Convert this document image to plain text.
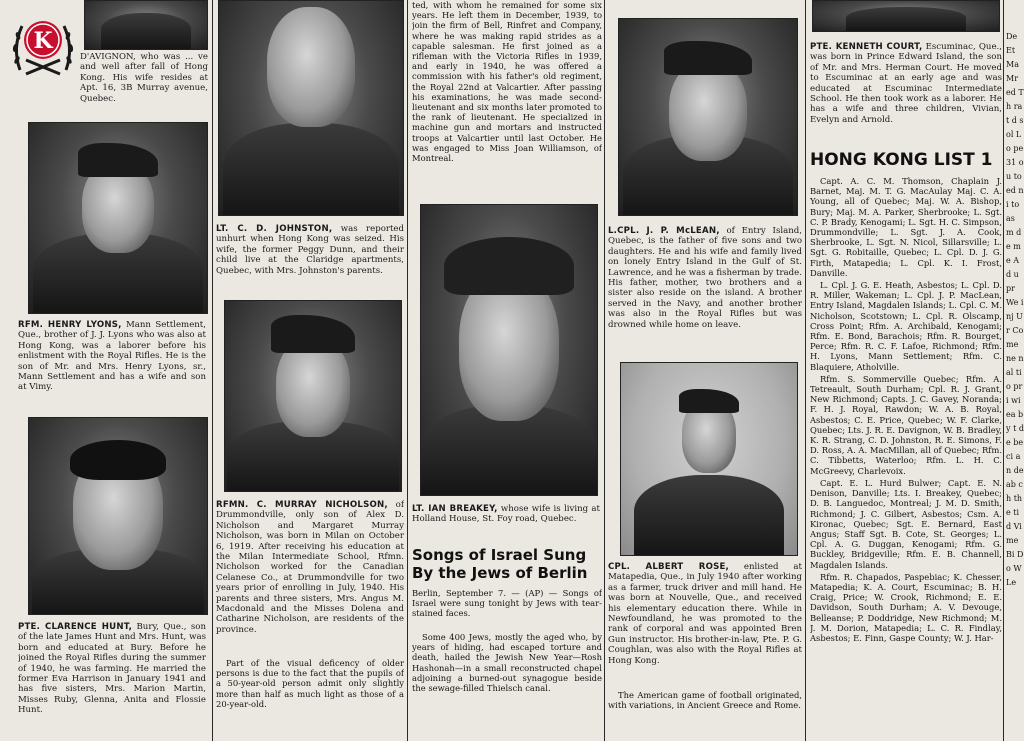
K
D'AVIGNON, who was ... ve and well after fall of Hong Kong. His wife resides at Apt. 16, 3B Murray avenue, Quebec.
RFM. HENRY LYONS, Mann Settlement, Que., brother of J. J. Lyons who was also at Hong Kong, was a laborer before his enlistment with the Royal Rifles. He is the son of Mr. and Mrs. Henry Lyons, sr., Mann Settlement and has a wife and son at Vimy.
PTE. CLARENCE HUNT, Bury, Que., son of the late James Hunt and Mrs. Hunt, was born and educated at Bury. Before he joined the Royal Rifles during the summer of 1940, he was farming. He married the former Eva Harrison in January 1941 and has five sisters, Mrs. Marion Martin, Misses Ruby, Glenna, Anita and Flossie Hunt.
LT. C. D. JOHNSTON, was reported unhurt when Hong Kong was seized. His wife, the former Peggy Dunn, and their child live at the Claridge apartments, Quebec, with Mrs. Johnston's parents.
RFMN. C. MURRAY NICHOLSON, of Drummondville, only son of Alex D. Nicholson and Margaret Murray Nicholson, was born in Milan on October 6, 1919. After receiving his education at the Milan Intermediate School, Rfmn. Nicholson worked for the Canadian Celanese Co., at Drummondville for two years prior of enrolling in July, 1940. His parents and three sisters, Mrs. Angus M. Macdonald and the Misses Dolena and Catharine Nicholson, are residents of the province.
Part of the visual deficency of older persons is due to the fact that the pupils of a 50-year-old person admit only slightly more than half as much light as those of a 20-year-old.
ted, with whom he remained for some six years. He left them in December, 1939, to join the firm of Bell, Rinfret and Company, where he was making rapid strides as a capable salesman. He first joined as a rifleman with the Victoria Rifles in 1939, and early in 1940, he was offered a commission with his father's old regiment, the Royal 22nd at Valcartier. After passing his examinations, he was made second-lieutenant and six months later promoted to the rank of lieutenant. He specialized in machine gun and mortars and instructed troops at Valcartier until last October. He was engaged to Miss Joan Williamson, of Montreal.
LT. IAN BREAKEY, whose wife is living at Holland House, St. Foy road, Quebec.
Songs of Israel Sung By the Jews of Berlin
Berlin, September 7. — (AP) — Songs of Israel were sung tonight by Jews with tear-stained faces.
Some 400 Jews, mostly the aged who, by years of hiding, had escaped torture and death, hailed the Jewish New Year—Rosh Hashonah—in a small reconstructed chapel adjoining a burned-out synagogue beside the sewage-filled Thielsch canal.
L.CPL. J. P. McLEAN, of Entry Island, Quebec, is the father of five sons and two daughters. He and his wife and family lived on lonely Entry Island in the Gulf of St. Lawrence, and he was a fisherman by trade. His father, mother, two brothers and a sister also reside on the island. A brother served in the Navy, and another brother was also in the Royal Rifles but was drowned while home on leave.
CPL. ALBERT ROSE, enlisted at Matapedia, Que., in July 1940 after working as a farmer, truck driver and mill hand. He was born at Nouvelle, Que., and received his elementary education there. While in Newfoundland, he was promoted to the rank of corporal and was appointed Bren Gun instructor. His brother-in-law, Pte. P. G. Coughlan, was also with the Royal Rifles at Hong Kong.
The American game of football originated, with variations, in Ancient Greece and Rome.
PTE. KENNETH COURT, Escuminac, Que., was born in Prince Edward Island, the son of Mr. and Mrs. Herman Court. He moved to Escuminac at an early age and was educated at Escuminac Intermediate School. He then took work as a laborer. He has a wife and three children, Vivian, Evelyn and Arnold.
HONG KONG LIST 1

Capt. A. C. M. Thomson, Chaplain J. Barnet, Maj. M. T. G. MacAulay Maj. C. A. Young, all of Quebec; Maj. W. A. Bishop, Bury; Maj. M. A. Parker, Sherbrooke; L. Sgt. C. P. Brady, Kenogami; L. Sgt. H. C. Simpson, Drummondville; L. Sgt. J. A. Cook, Sherbrooke, L. Sgt. N. Nicol, Sillarsville; L. Sgt. G. Robitaille, Quebec; L. Cpl. D. J. G. Firth, Matapedia; L. Cpl. K. I. Frost, Danville.

L. Cpl. J. G. E. Heath, Asbestos; L. Cpl. D. R. Miller, Wakeman; L. Cpl. J. P. MacLean, Entry Island, Magdalen Islands; L. Cpl. C. M. Nicholson, Scotstown; L. Cpl. R. Olscamp, Cross Point; Rfm. A. Archibald, Kenogami; Rfm. E. Bond, Barachois; Rfm. R. Bourget, Perce; Rfm. R. C. F. Lafoe, Richmond; Rfm. H. Lyons, Mann Settlement; Rfm. C. Blaquiere, Atholville.

Rfm. S. Sommerville Quebec; Rfm. A. Tetreault, South Durham; Cpl. R. J. Grant, New Richmond; Capts. J. C. Gavey, Noranda; F. H. J. Royal, Rawdon; W. A. B. Royal, Asbestos; C. E. Price, Quebec; W. F. Clarke, Quebec; Lts. J. R. E. Davignon, W. B. Bradley, K. R. Strang, C. D. Johnston, R. E. Simons, F. D. Ross, A. A. MacMillan, all of Quebec; Rfm. C. Tibbetts, Waterloo; Rfm. L. H. C. McGreevy, Charlevoix.

Capt. E. L. Hurd Bulwer; Capt. E. N. Denison, Danville; Lts. I. Breakey, Quebec; D. B. Languedoc, Montreal; J. M. D. Smith, Richmond; J. C. Gilbert, Asbestos; Csm. A. Kironac, Quebec; Sgt. E. Bernard, East Angus; Staff Sgt. B. Cote, St. Georges; L. Cpl. A. G. Duggan, Kenogami; Rfm. G. Buckley, Bridgeville; Rfm. E. B. Channell, Magdalen Islands.

Rfm. R. Chapados, Paspebiac; K. Chesser, Matapedia; K. A. Court, Escuminac; B. H. Craig, Price; W. Crook, Richmond; E. E. Davidson, South Durham; A. V. Devouge, Belleanse; P. Doddridge, New Richmond; M. J. M. Dorion, Matapedia; L. C. R. Findlay, Asbestos; E. Finn, Gaspe County; W. J. Har-

De Et Ma Mr ed Th rat d sol Lo pe 31 ou to ed ni to as m de me Ad u pr We inj Ur Co me ne nal tio pri wi ea by t de be ci an de ab ch the tid Vi me Bi Do W Le
